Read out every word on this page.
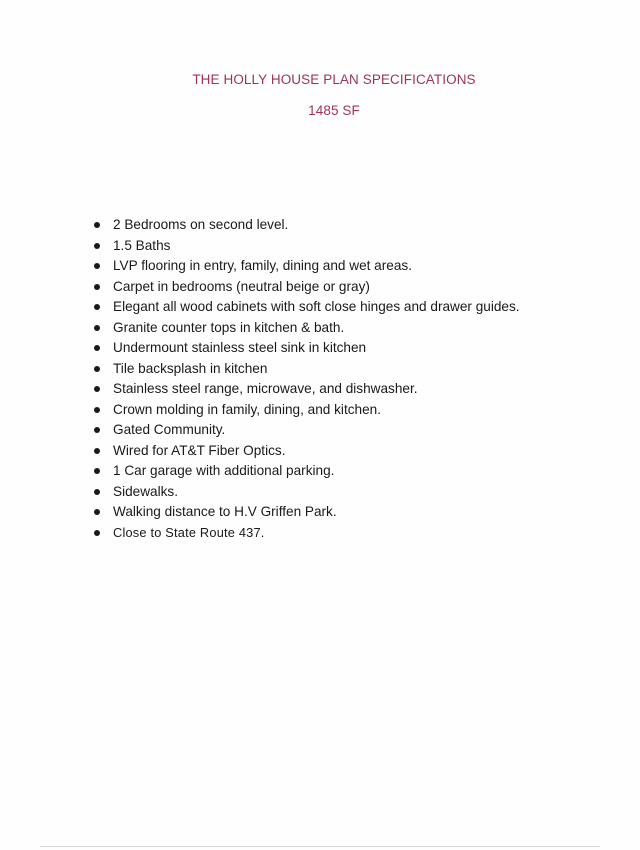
THE HOLLY HOUSE PLAN SPECIFICATIONS
1485 SF
2 Bedrooms on second level.
1.5 Baths
LVP flooring in entry, family, dining and wet areas.
Carpet in bedrooms (neutral beige or gray)
Elegant all wood cabinets with soft close hinges and drawer guides.
Granite counter tops in kitchen & bath.
Undermount stainless steel sink in kitchen
Tile backsplash in kitchen
Stainless steel range, microwave, and dishwasher.
Crown molding in family, dining, and kitchen.
Gated Community.
Wired for AT&T Fiber Optics.
1 Car garage with additional parking.
Sidewalks.
Walking distance to H.V Griffen Park.
Close to State Route 437.
